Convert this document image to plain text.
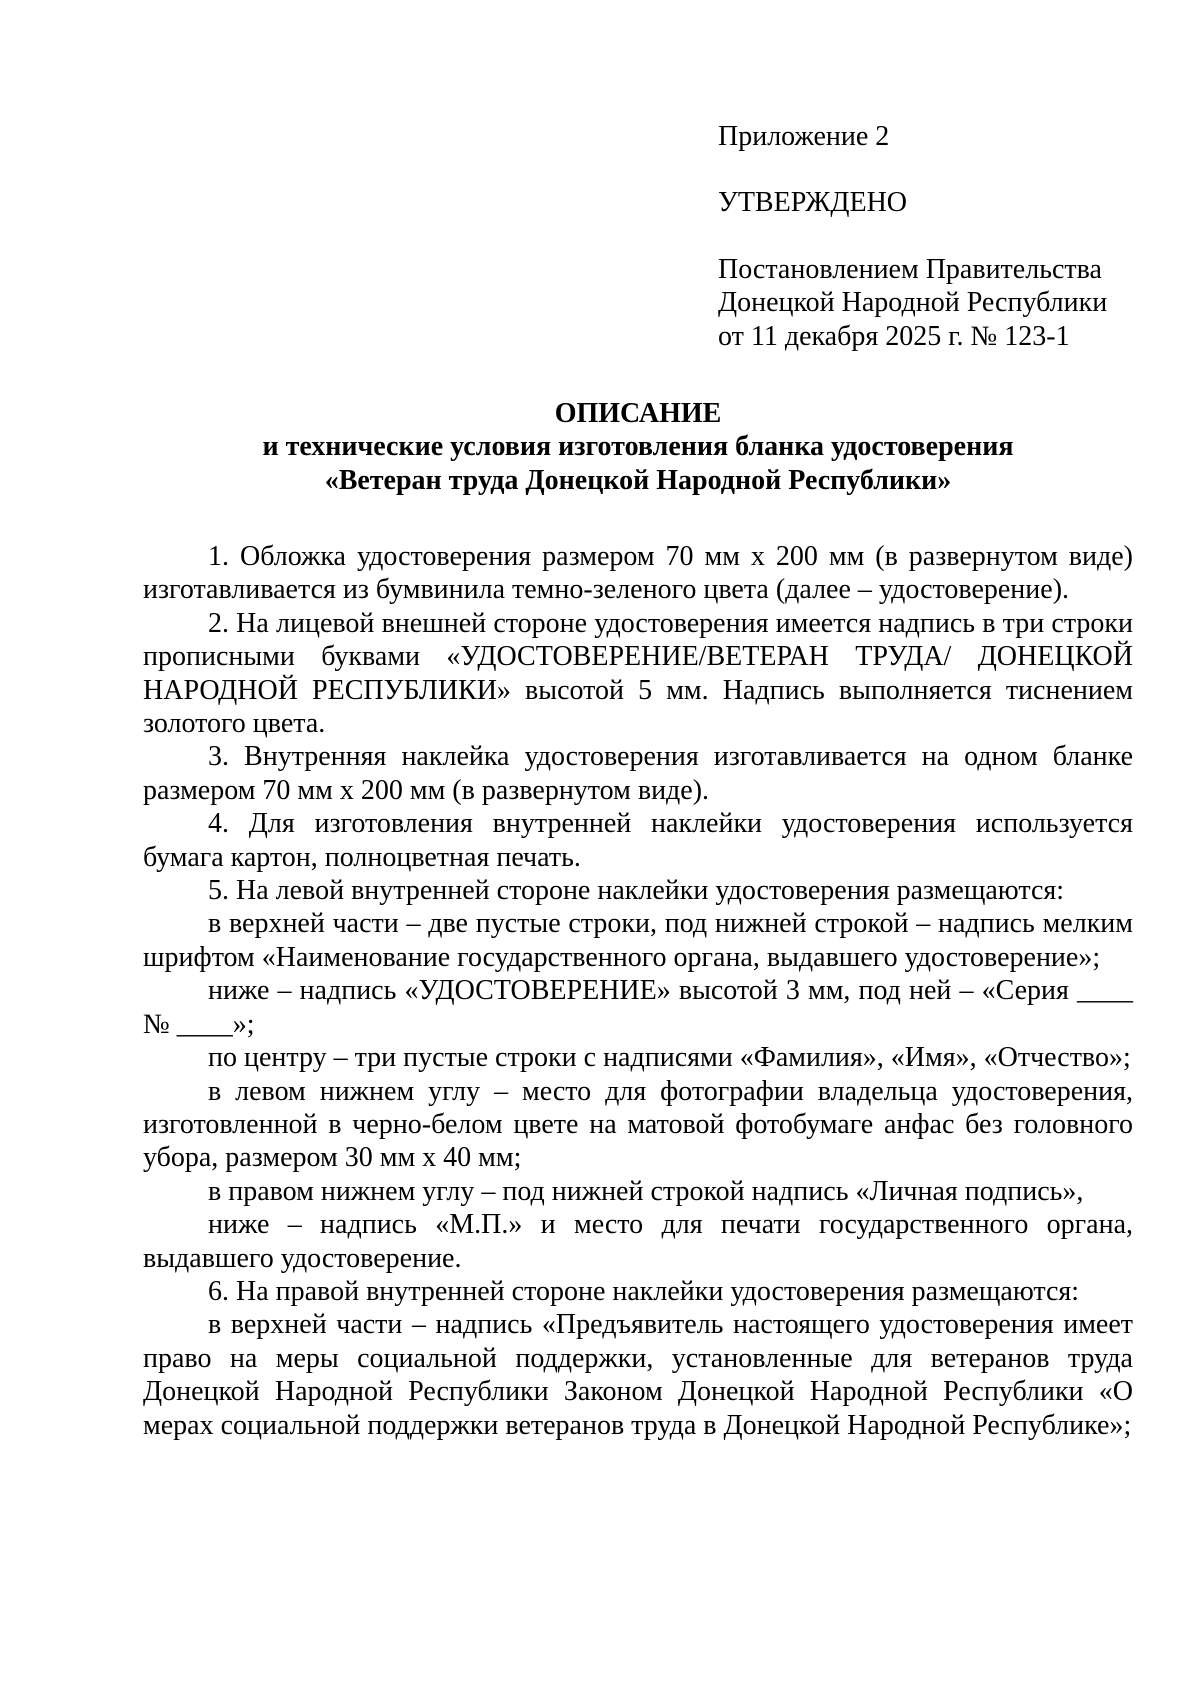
Приложение 2
УТВЕРЖДЕНО
Постановлением Правительства
Донецкой Народной Республики
от 11 декабря 2025 г. № 123-1
ОПИСАНИЕ
и технические условия изготовления бланка удостоверения
«Ветеран труда Донецкой Народной Республики»

1. Обложка удостоверения размером 70 мм х 200 мм (в развернутом виде) изготавливается из бумвинила темно-зеленого цвета (далее – удостоверение).

2. На лицевой внешней стороне удостоверения имеется надпись в три строки прописными буквами «УДОСТОВЕРЕНИЕ/ВЕТЕРАН ТРУДА/ ДОНЕЦКОЙ НАРОДНОЙ РЕСПУБЛИКИ» высотой 5 мм. Надпись выполняется тиснением золотого цвета.

3. Внутренняя наклейка удостоверения изготавливается на одном бланке размером 70 мм х 200 мм (в развернутом виде).

4. Для изготовления внутренней наклейки удостоверения используется бумага картон, полноцветная печать.

5. На левой внутренней стороне наклейки удостоверения размещаются:

в верхней части – две пустые строки, под нижней строкой – надпись мелким шрифтом «Наименование государственного органа, выдавшего удостоверение»;

ниже – надпись «УДОСТОВЕРЕНИЕ» высотой 3 мм, под ней – «Серия ____ № ____»;

по центру – три пустые строки с надписями «Фамилия», «Имя», «Отчество»;

в левом нижнем углу – место для фотографии владельца удостоверения, изготовленной в черно-белом цвете на матовой фотобумаге анфас без головного убора, размером 30 мм х 40 мм;

в правом нижнем углу – под нижней строкой надпись «Личная подпись»,

ниже – надпись «М.П.» и место для печати государственного органа, выдавшего удостоверение.

6. На правой внутренней стороне наклейки удостоверения размещаются:

в верхней части – надпись «Предъявитель настоящего удостоверения имеет право на меры социальной поддержки, установленные для ветеранов труда Донецкой Народной Республики Законом Донецкой Народной Республики «О мерах социальной поддержки ветеранов труда в Донецкой Народной Республике»;
